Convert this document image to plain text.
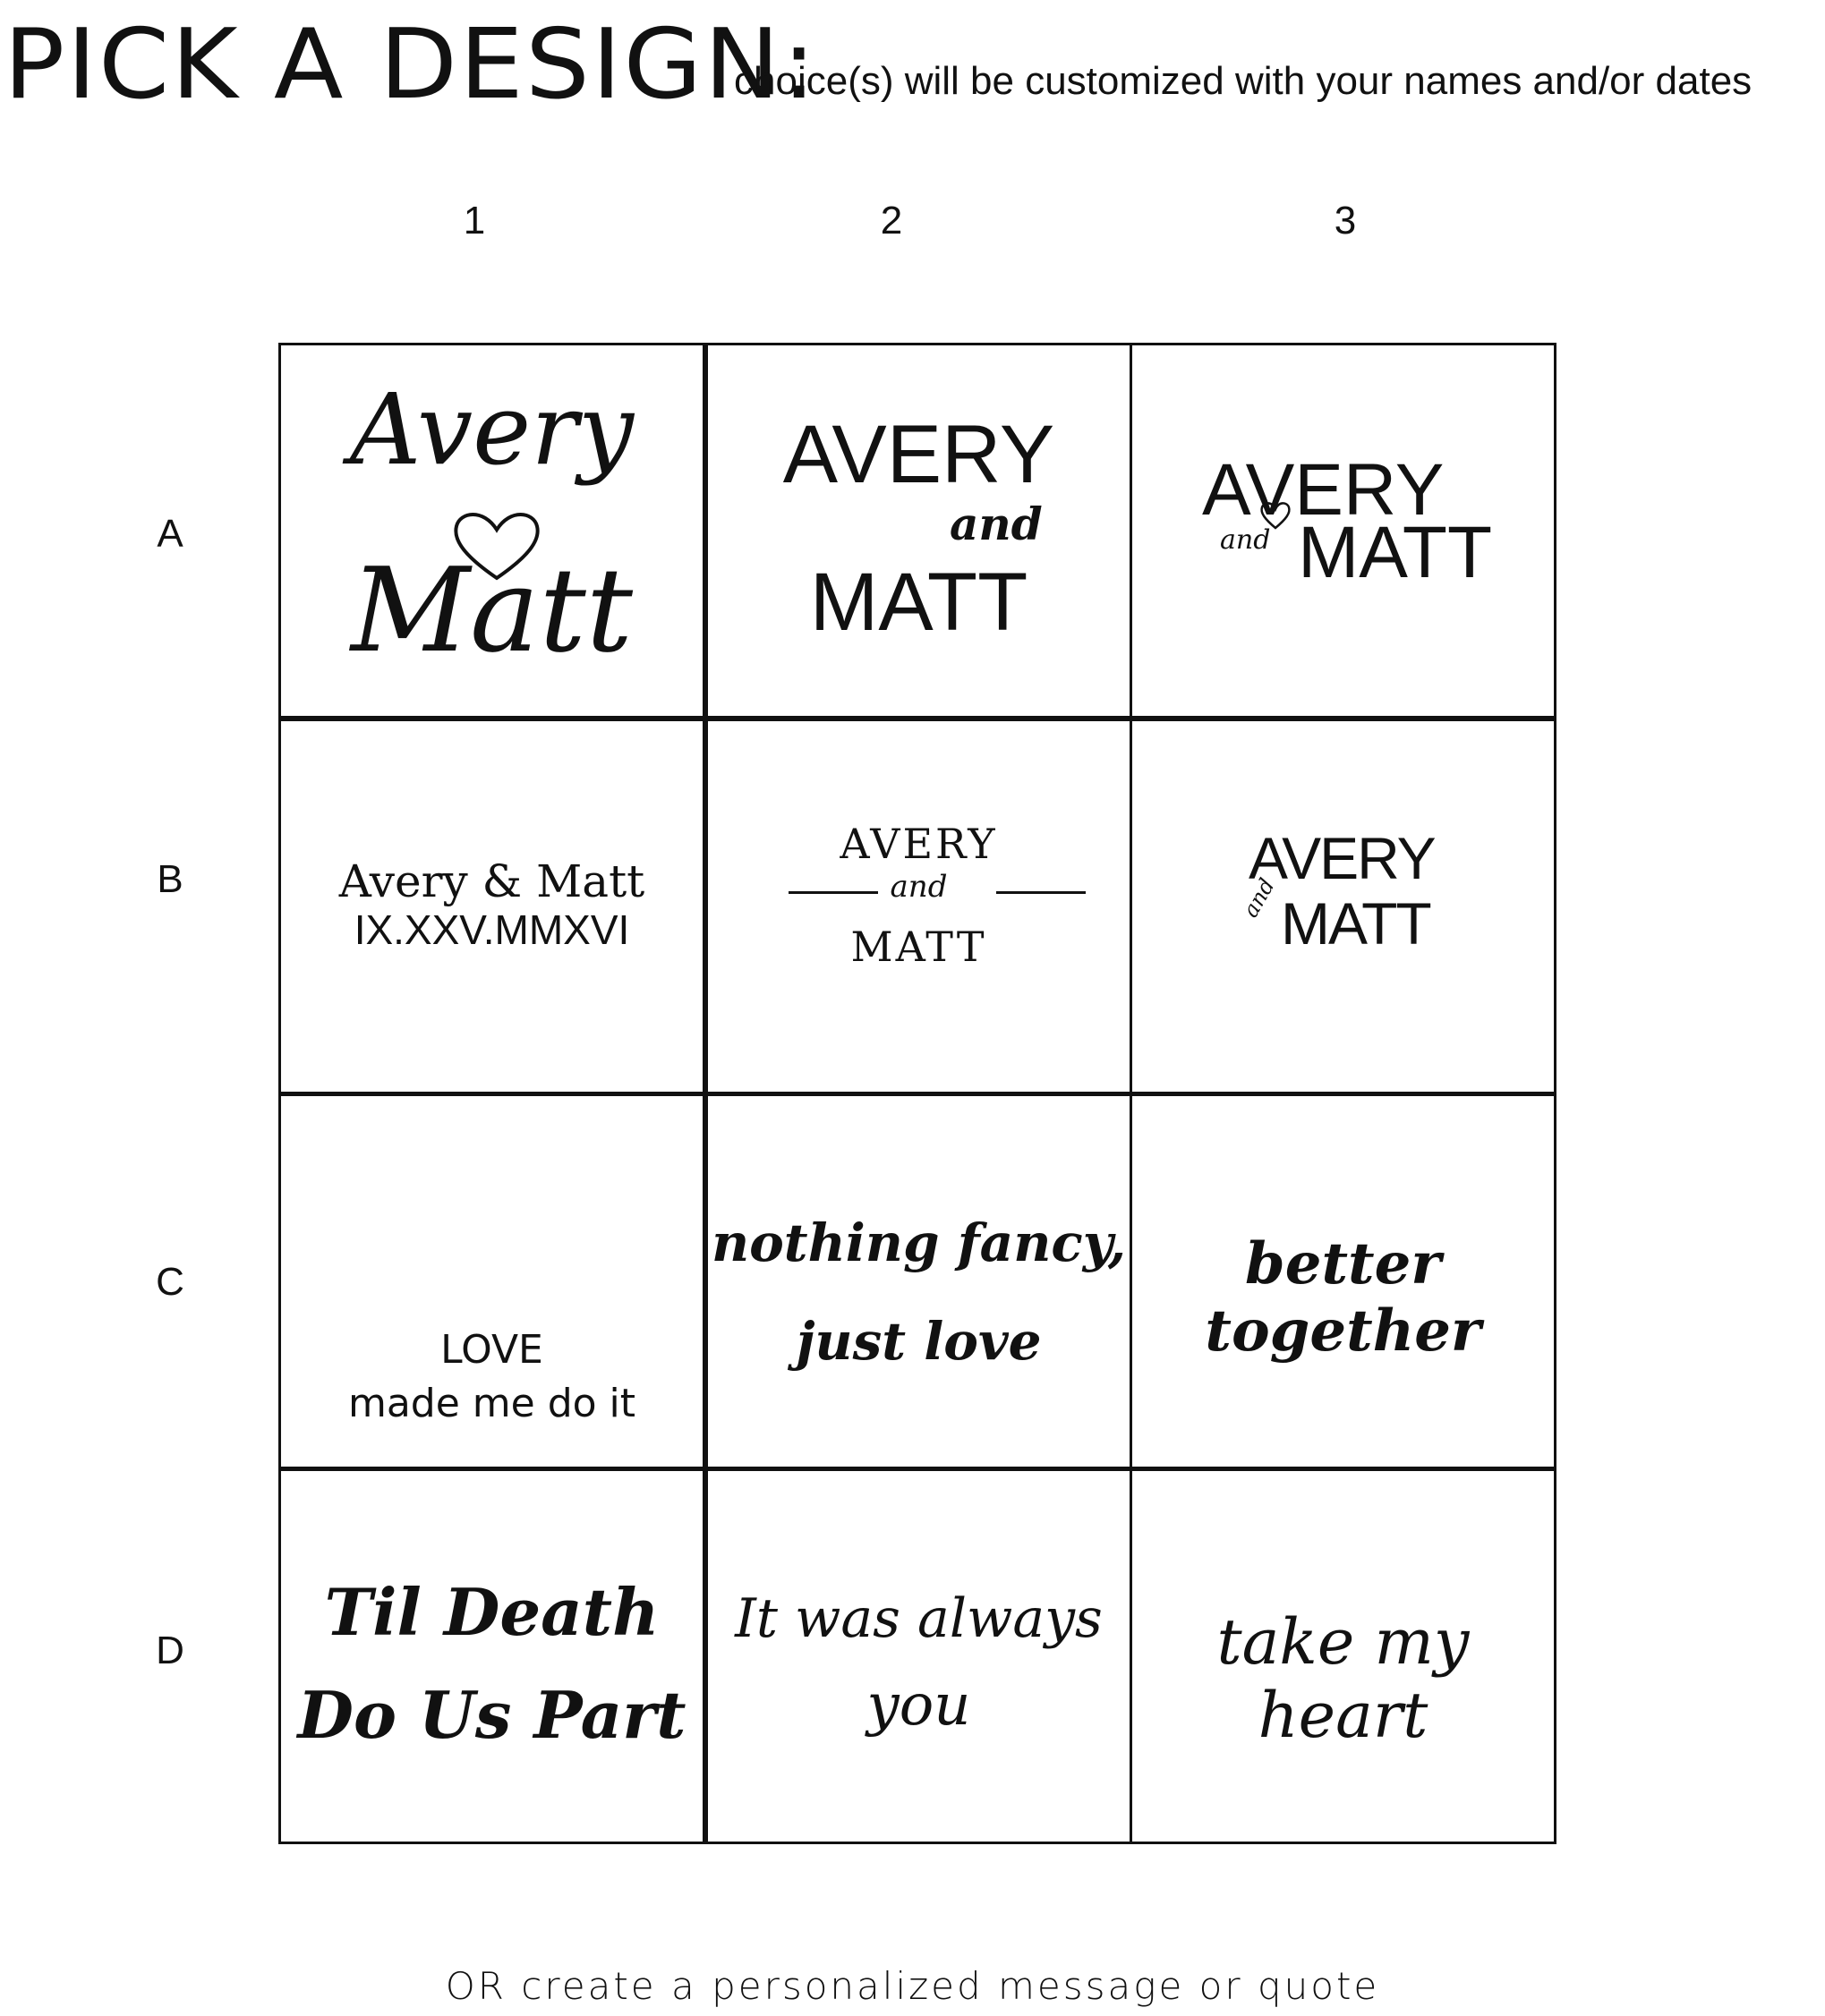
PICK A DESIGN:
choice(s) will be customized with your names and/or dates
1	2	3
A
B
C
D
Avery
Matt
AVERY
and
MATT
AVERY
and MATT
Avery & Matt
IX.XXV.MMXVI
AVERY
and
MATT
AVERY
and MATT
LOVE
made me do it
nothing fancy,
just love
better together
Til Death
Do Us Part
It was always
you
take my heart
OR create a personalized message or quote
